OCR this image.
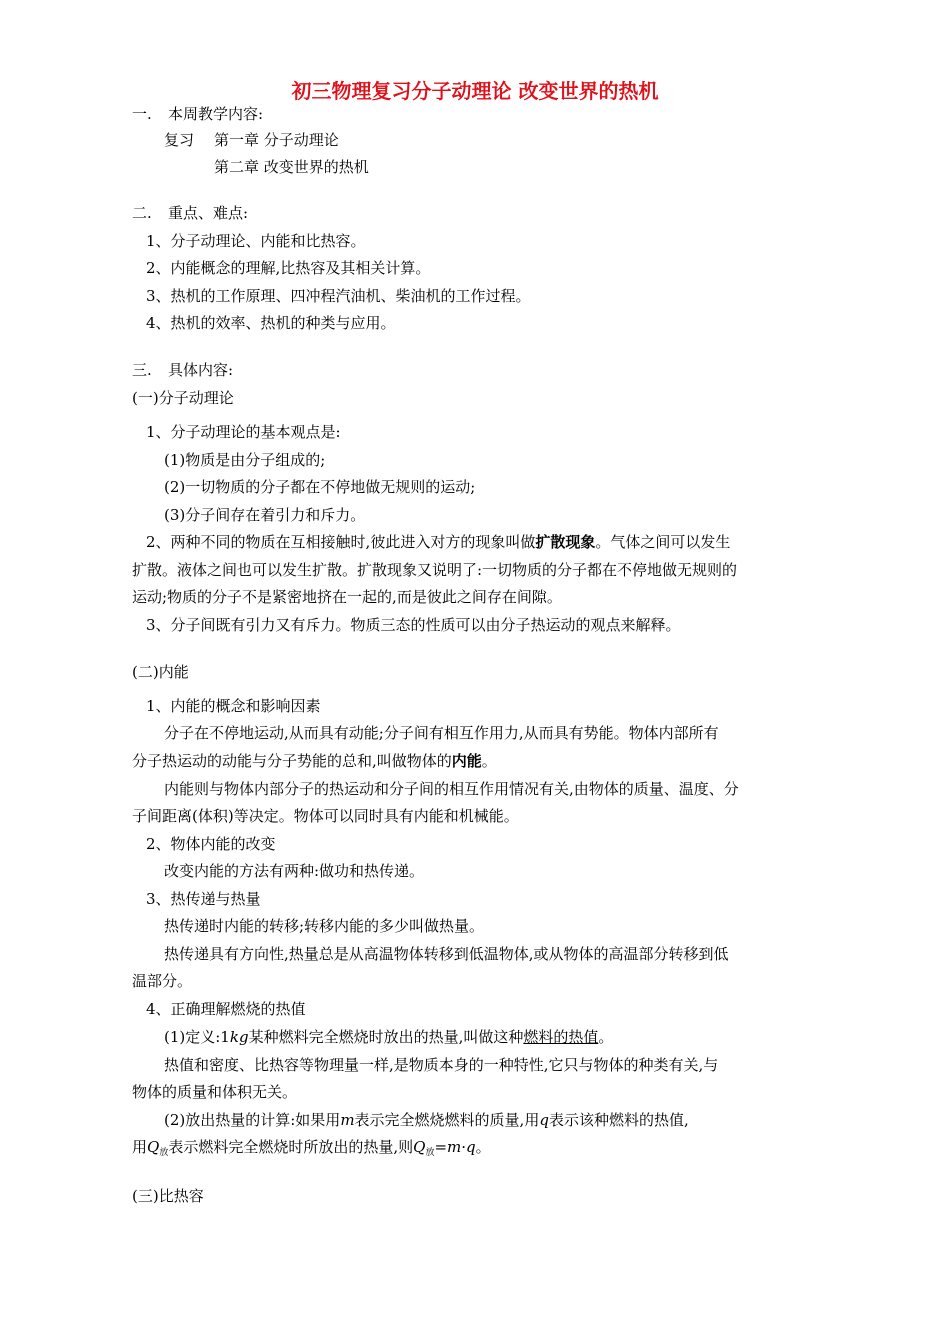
初三物理复习分子动理论 改变世界的热机
一. 本周教学内容:
复习 第一章 分子动理论
第二章 改变世界的热机
二. 重点、难点:
1、分子动理论、内能和比热容。
2、内能概念的理解,比热容及其相关计算。
3、热机的工作原理、四冲程汽油机、柴油机的工作过程。
4、热机的效率、热机的种类与应用。
三. 具体内容:
(一)分子动理论
1、分子动理论的基本观点是:
(1)物质是由分子组成的;
(2)一切物质的分子都在不停地做无规则的运动;
(3)分子间存在着引力和斥力。
2、两种不同的物质在互相接触时,彼此进入对方的现象叫做扩散现象。气体之间可以发生
扩散。液体之间也可以发生扩散。扩散现象又说明了:一切物质的分子都在不停地做无规则的
运动;物质的分子不是紧密地挤在一起的,而是彼此之间存在间隙。
3、分子间既有引力又有斥力。物质三态的性质可以由分子热运动的观点来解释。
(二)内能
1、内能的概念和影响因素
分子在不停地运动,从而具有动能;分子间有相互作用力,从而具有势能。物体内部所有
分子热运动的动能与分子势能的总和,叫做物体的内能。
内能则与物体内部分子的热运动和分子间的相互作用情况有关,由物体的质量、温度、分
子间距离(体积)等决定。物体可以同时具有内能和机械能。
2、物体内能的改变
改变内能的方法有两种:做功和热传递。
3、热传递与热量
热传递时内能的转移;转移内能的多少叫做热量。
热传递具有方向性,热量总是从高温物体转移到低温物体,或从物体的高温部分转移到低
温部分。
4、正确理解燃烧的热值
(1)定义:1kg某种燃料完全燃烧时放出的热量,叫做这种燃料的热值。
热值和密度、比热容等物理量一样,是物质本身的一种特性,它只与物体的种类有关,与
物体的质量和体积无关。
(2)放出热量的计算:如果用m表示完全燃烧燃料的质量,用q表示该种燃料的热值,
用$Q_放$表示燃料完全燃烧时所放出的热量,则$Q_放=m\cdot q$。
(三)比热容
